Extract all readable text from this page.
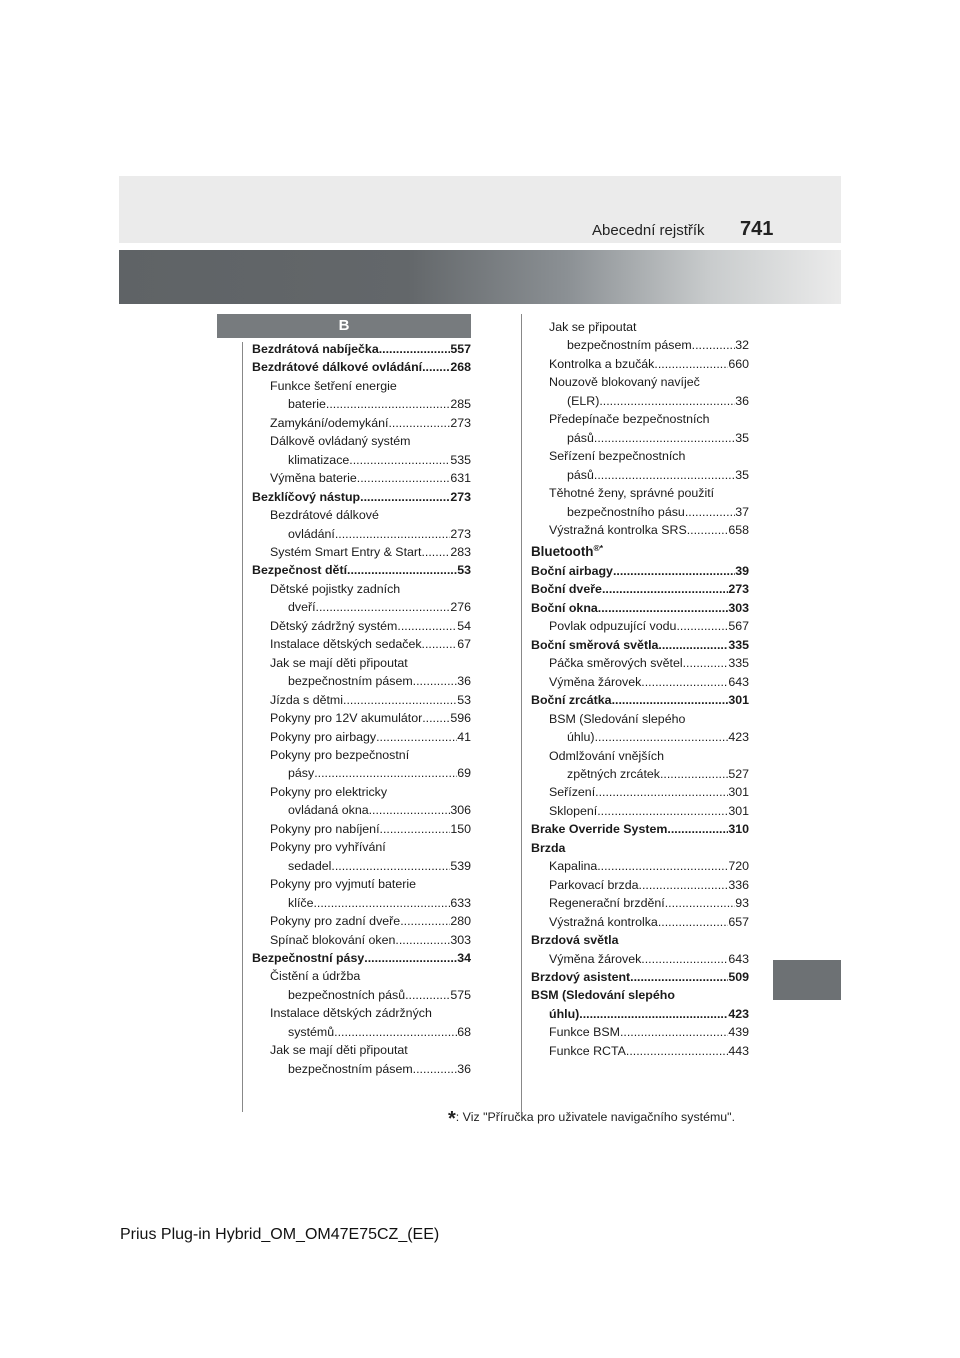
Abecední rejstřík 741
B
Bezdrátová nabíječka .....	557
Bezdrátové dálkové ovládání ..... 268
Funkce šetření energie
baterie .....	285
Zamykání/odemykání .....	273
Dálkově ovládaný systém
klimatizace .....	535
Výměna baterie .....	631
Bezklíčový nástup .....	273
Bezdrátové dálkové
ovládání .....	273
Systém Smart Entry & Start ..... 283
Bezpečnost dětí .....	53
Dětské pojistky zadních
dveří .....	276
Dětský zádržný systém .....	54
Instalace dětských sedaček .....	67
Jak se mají děti připoutat
bezpečnostním pásem .....	36
Jízda s dětmi .....	53
Pokyny pro 12V akumulátor ..... 596
Pokyny pro airbagy .....	41
Pokyny pro bezpečnostní
pásy .....	69
Pokyny pro elektricky
ovládaná okna .....	306
Pokyny pro nabíjení .....	150
Pokyny pro vyhřívání
sedadel .....	539
Pokyny pro vyjmutí baterie
klíče .....	633
Pokyny pro zadní dveře .....	280
Spínač blokování oken .....	303
Bezpečnostní pásy .....	34
Čistění a údržba
bezpečnostních pásů .....	575
Instalace dětských zádržných
systémů .....	68
Jak se mají děti připoutat
bezpečnostním pásem .....	36
Jak se připoutat
bezpečnostním pásem .....	32
Kontrolka a bzučák .....	660
Nouzově blokovaný navíječ
(ELR) .....	36
Předepínače bezpečnostních
pásů .....	35
Seřízení bezpečnostních
pásů .....	35
Těhotné ženy, správné použití
bezpečnostního pásu .....	37
Výstražná kontrolka SRS .....	658
Bluetooth®*
Boční airbagy .....	39
Boční dveře .....	273
Boční okna .....	303
Povlak odpuzující vodu .....	567
Boční směrová světla .....	335
Páčka směrových světel .....	335
Výměna žárovek .....	643
Boční zrcátka .....	301
BSM (Sledování slepého
úhlu) .....	423
Odmlžování vnějších
zpětných zrcátek .....	527
Seřízení .....	301
Sklopení .....	301
Brake Override System .....	310
Brzda
Kapalina .....	720
Parkovací brzda .....	336
Regenerační brzdění .....	93
Výstražná kontrolka .....	657
Brzdová světla
Výměna žárovek .....	643
Brzdový asistent .....	509
BSM (Sledování slepého
úhlu) .....	423
Funkce BSM .....	439
Funkce RCTA .....	443
*: Viz "Příručka pro uživatele navigačního systému".
Prius Plug-in Hybrid_OM_OM47E75CZ_(EE)
